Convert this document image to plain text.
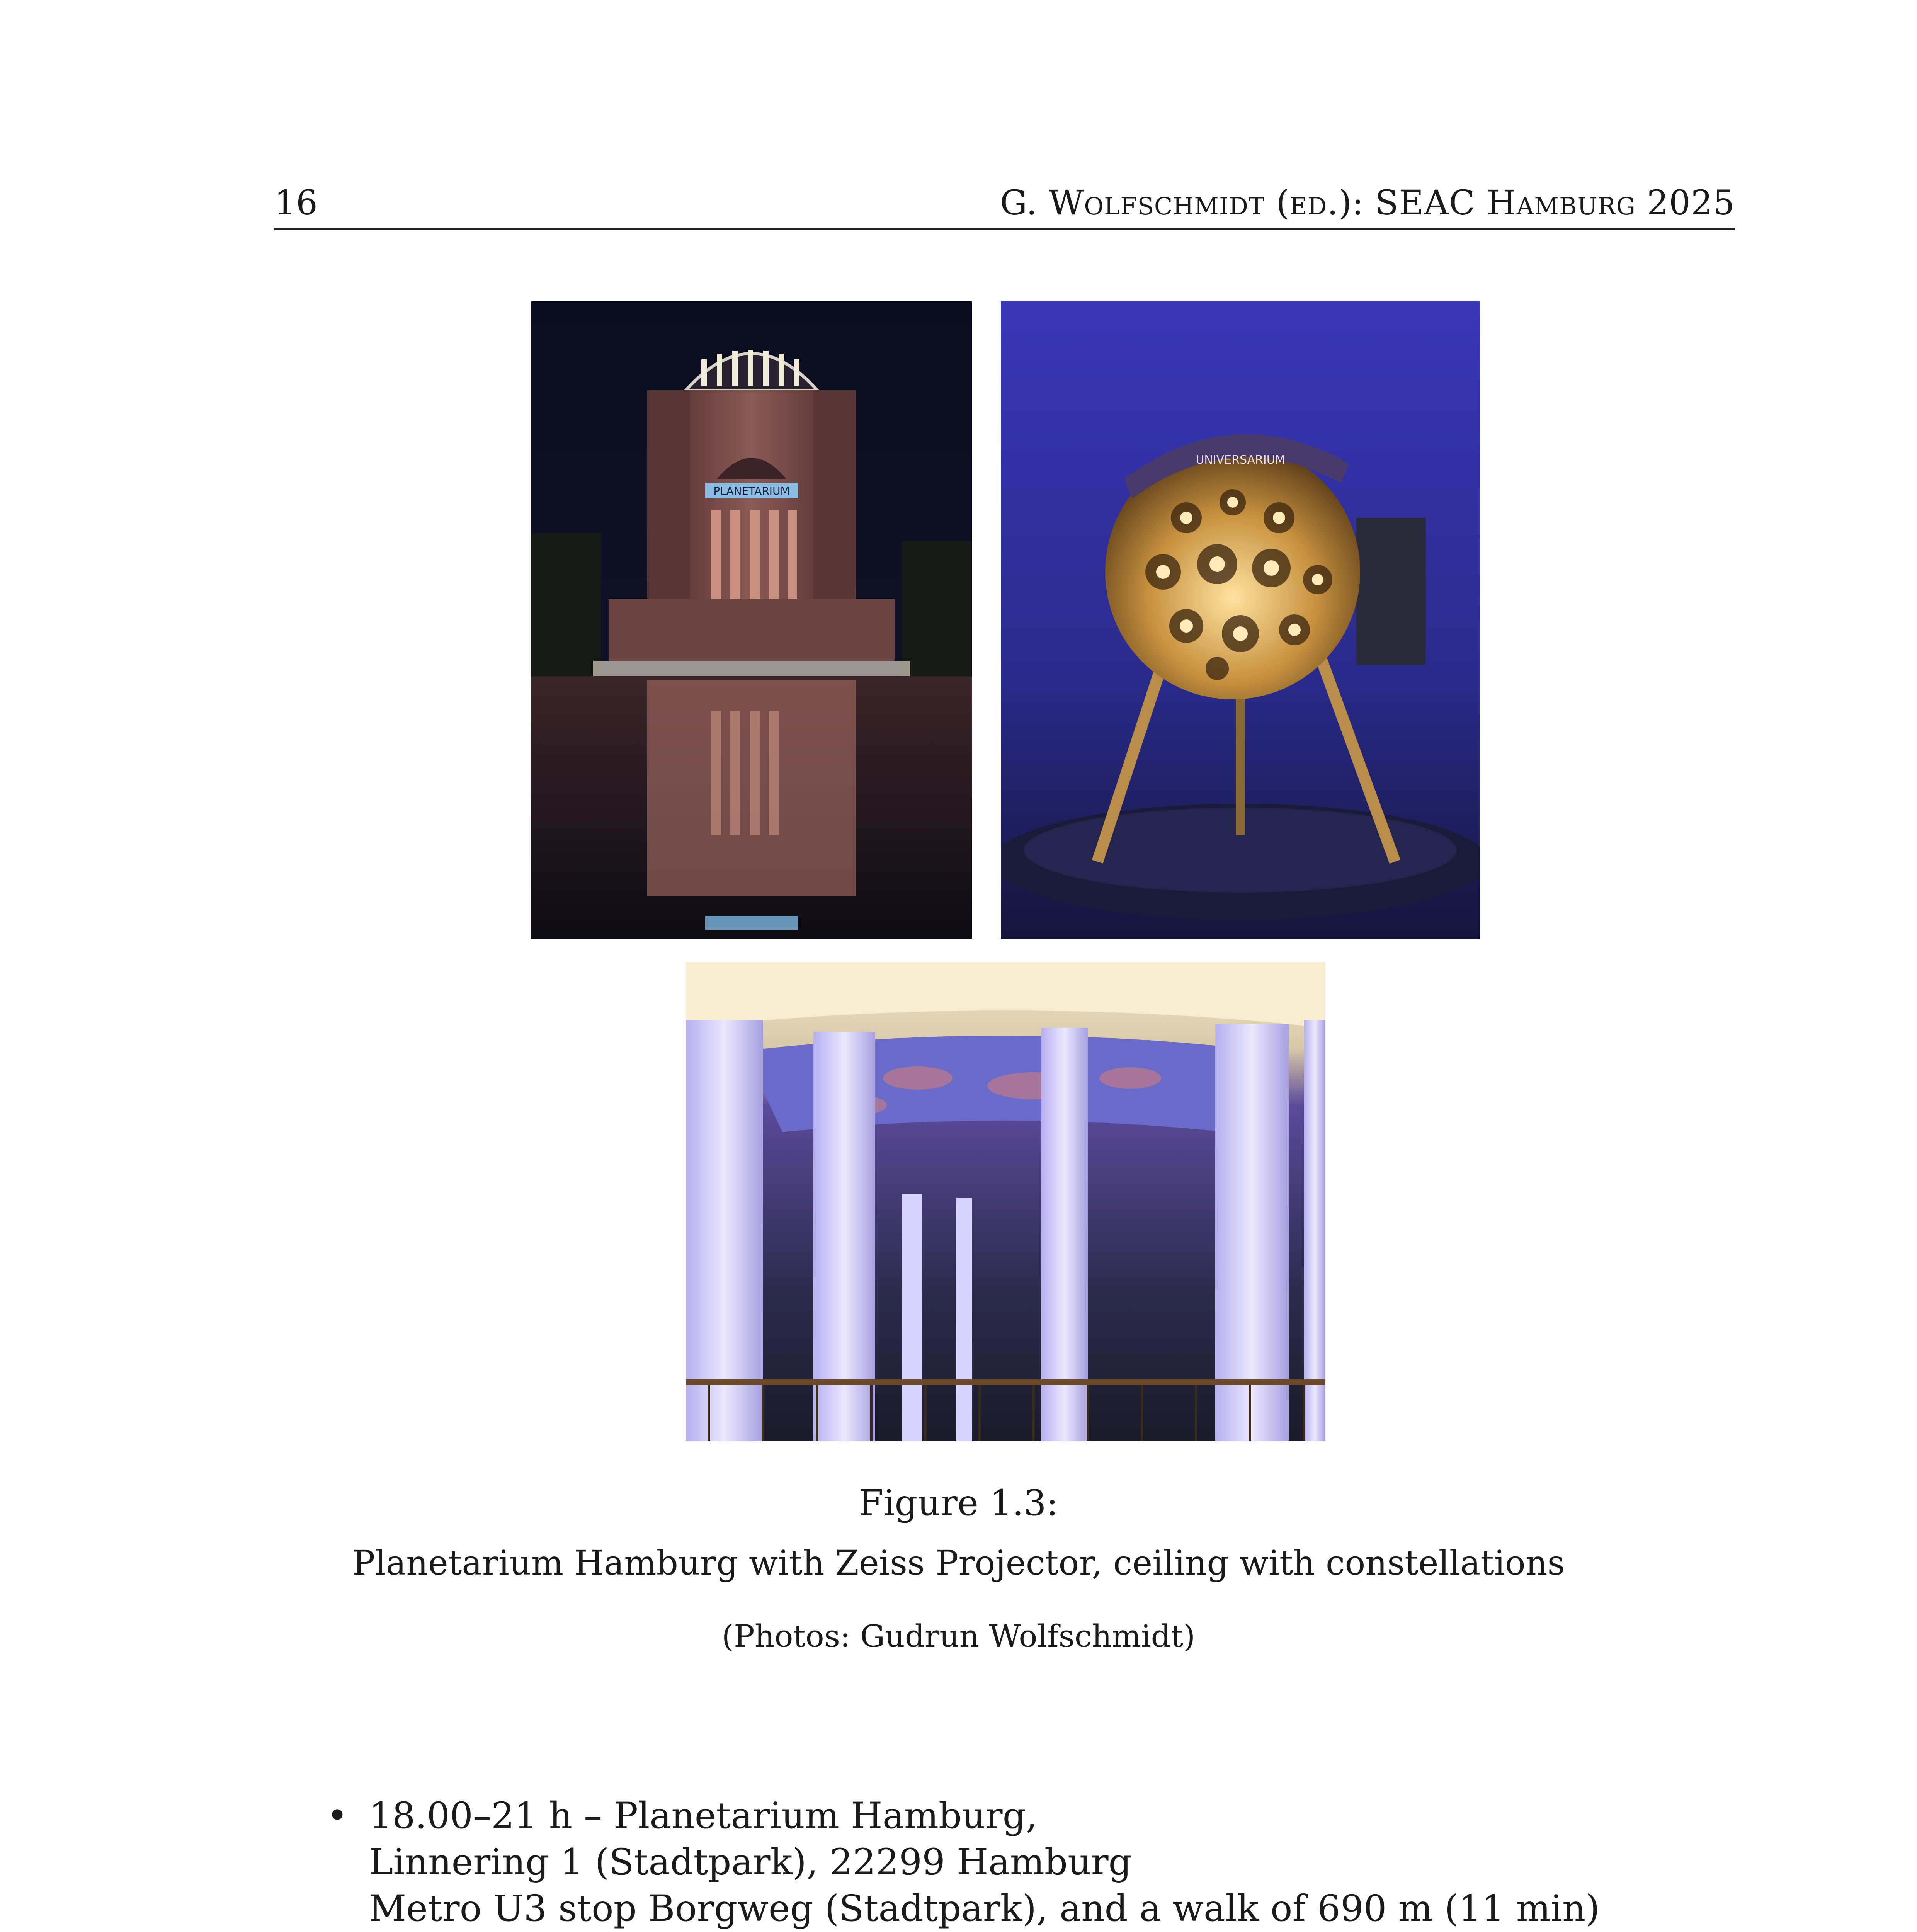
16	G. Wolfschmidt (ed.): SEAC Hamburg 2025
PLANETARIUM
UNIVERSARIUM
Figure 1.3:
Planetarium Hamburg with Zeiss Projector, ceiling with constellations
(Photos: Gudrun Wolfschmidt)
• 18.00–21 h – Planetarium Hamburg,
Linnering 1 (Stadtpark), 22299 Hamburg
Metro U3 stop Borgweg (Stadtpark), and a walk of 690 m (11 min)
